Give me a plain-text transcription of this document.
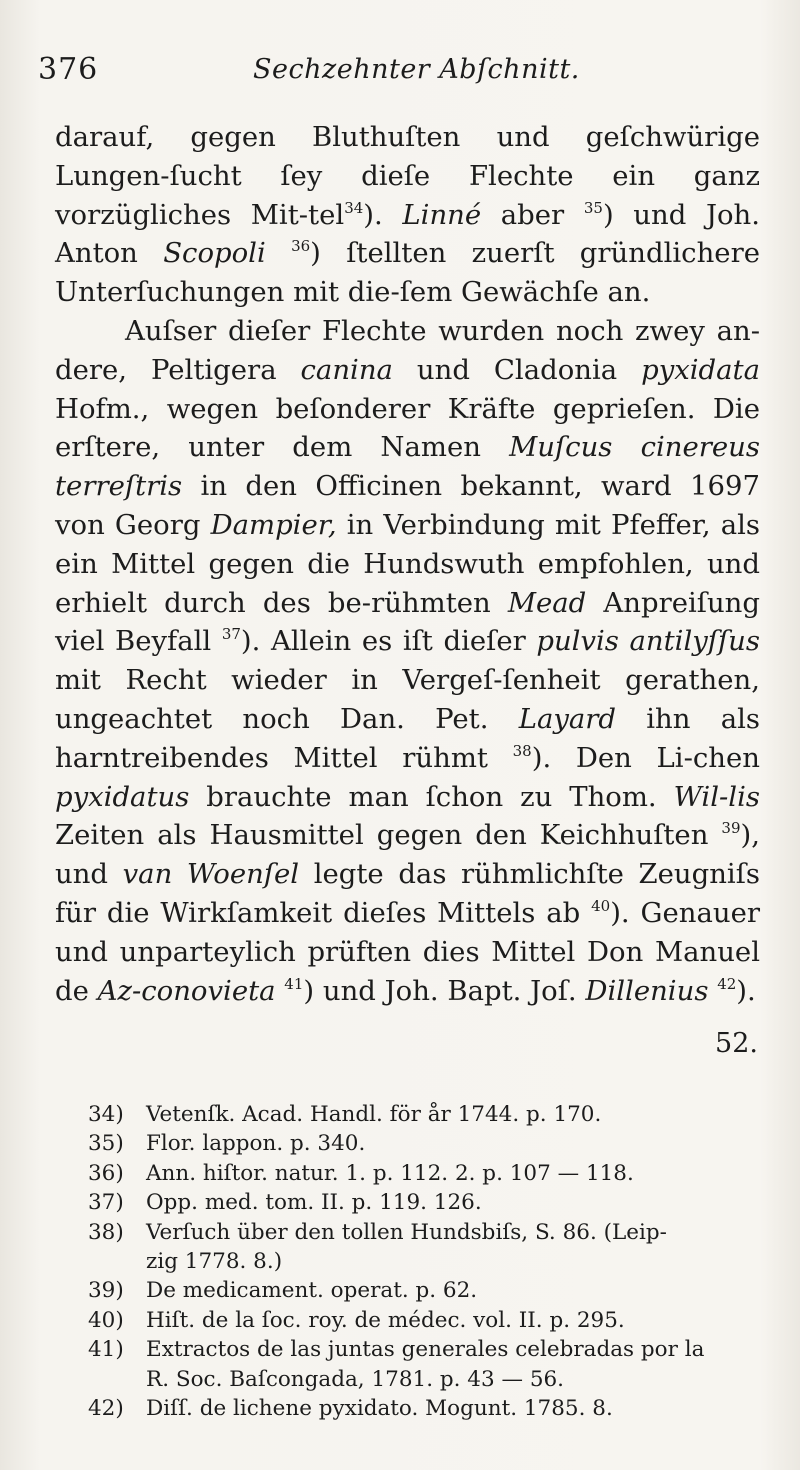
376	Sechzehnter Abſchnitt.

darauf, gegen Bluthuſten und geſchwürige Lungen-ſucht ſey dieſe Flechte ein ganz vorzügliches Mit-tel$^{34}$). Linné aber $^{35}$) und Joh. Anton Scopoli $^{36}$) ſtellten zuerſt gründlichere Unterſuchungen mit die-ſem Gewächſe an.

Auſser dieſer Flechte wurden noch zwey an-dere, Peltigera canina und Cladonia pyxidata Hofm., wegen beſonderer Kräfte geprieſen. Die erſtere, unter dem Namen Muſcus cinereus terreſtris in den Officinen bekannt, ward 1697 von Georg Dampier, in Verbindung mit Pfeffer, als ein Mittel gegen die Hundswuth empfohlen, und erhielt durch des be-rühmten Mead Anpreiſung viel Beyfall $^{37}$). Allein es iſt dieſer pulvis antilyſſus mit Recht wieder in Vergeſ-ſenheit gerathen, ungeachtet noch Dan. Pet. Layard ihn als harntreibendes Mittel rühmt $^{38}$). Den Li-chen pyxidatus brauchte man ſchon zu Thom. Wil-lis Zeiten als Hausmittel gegen den Keichhuſten $^{39}$), und van Woenſel legte das rühmlichſte Zeugniſs für die Wirkſamkeit dieſes Mittels ab $^{40}$). Genauer und unparteylich prüften dies Mittel Don Manuel de Az-conovieta $^{41}$) und Joh. Bapt. Joſ. Dillenius $^{42}$).

52.
34)	Vetenſk. Acad. Handl. för år 1744. p. 170.
35)	Flor. lappon. p. 340.
36)	Ann. hiſtor. natur. 1. p. 112. 2. p. 107 — 118.
37)	Opp. med. tom. II. p. 119. 126.
38)	Verſuch über den tollen Hundsbiſs, S. 86. (Leip-
zig 1778. 8.)
39)	De medicament. operat. p. 62.
40)	Hiſt. de la ſoc. roy. de médec. vol. II. p. 295.
41)	Extractos de las juntas generales celebradas por la
R. Soc. Baſcongada, 1781. p. 43 — 56.
42)	Diſſ. de lichene pyxidato. Mogunt. 1785. 8.
